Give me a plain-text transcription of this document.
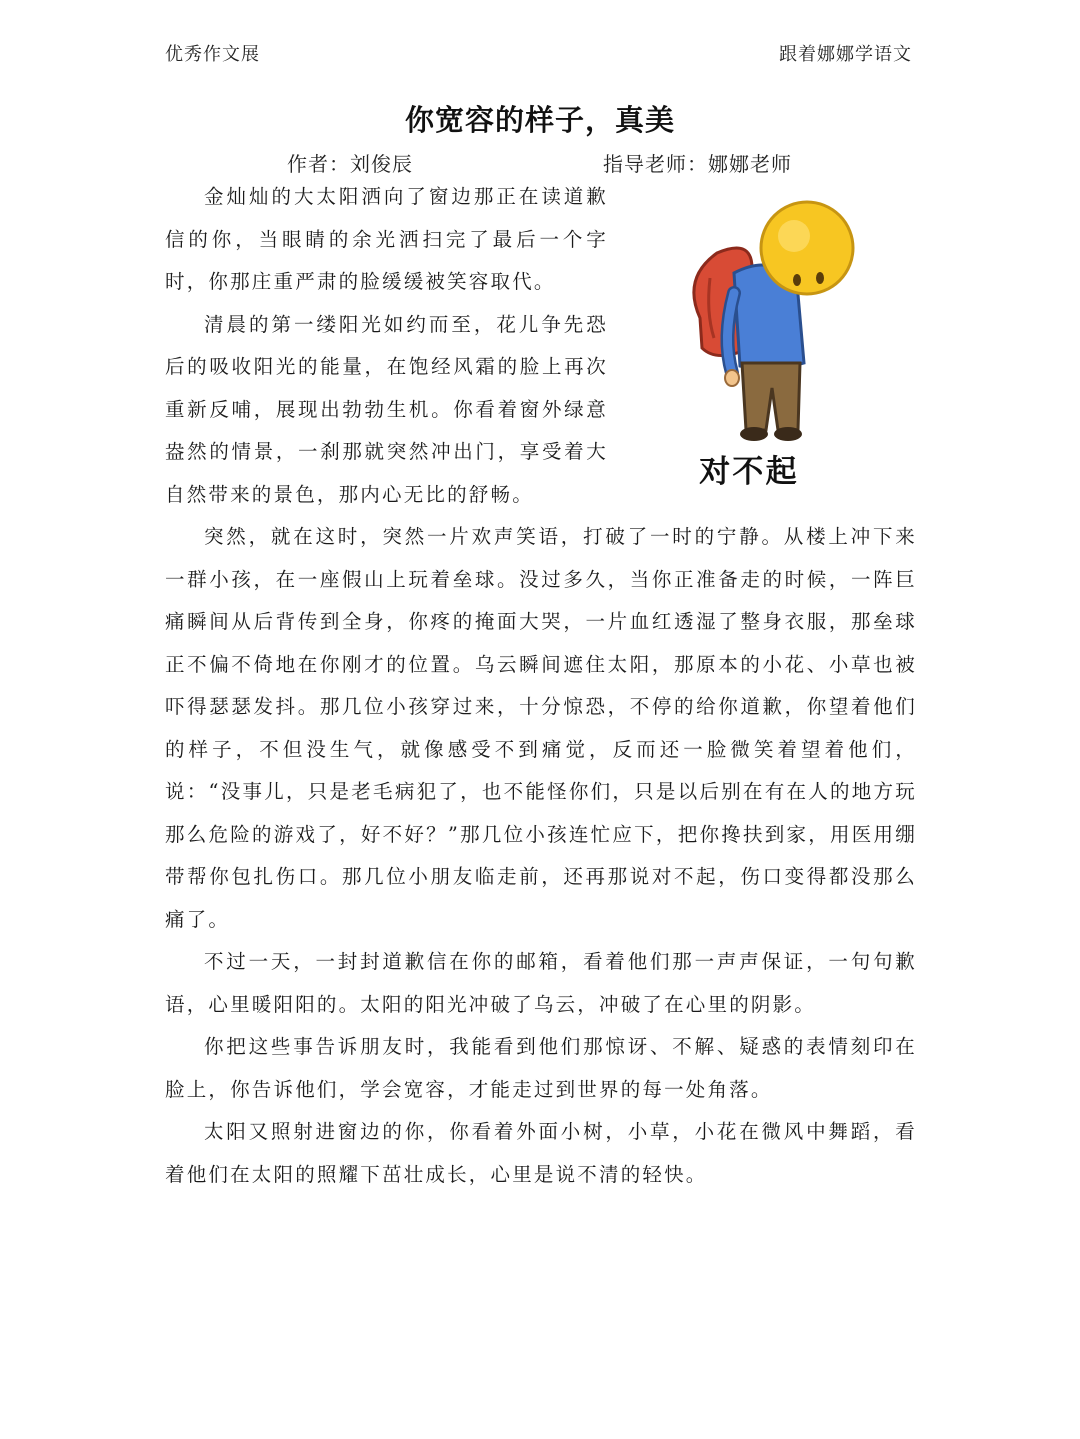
优秀作文展	跟着娜娜学语文
你宽容的样子，真美
作者：刘俊辰	指导老师：娜娜老师
对不起

金灿灿的大太阳洒向了窗边那正在读道歉信的你，当眼睛的余光洒扫完了最后一个字时，你那庄重严肃的脸缓缓被笑容取代。

清晨的第一缕阳光如约而至，花儿争先恐后的吸收阳光的能量，在饱经风霜的脸上再次重新反哺，展现出勃勃生机。你看着窗外绿意盎然的情景，一刹那就突然冲出门，享受着大自然带来的景色，那内心无比的舒畅。

突然，就在这时，突然一片欢声笑语，打破了一时的宁静。从楼上冲下来一群小孩，在一座假山上玩着垒球。没过多久，当你正准备走的时候，一阵巨痛瞬间从后背传到全身，你疼的掩面大哭，一片血红透湿了整身衣服，那垒球正不偏不倚地在你刚才的位置。乌云瞬间遮住太阳，那原本的小花、小草也被吓得瑟瑟发抖。那几位小孩穿过来，十分惊恐，不停的给你道歉，你望着他们的样子，不但没生气，就像感受不到痛觉，反而还一脸微笑着望着他们，说：“没事儿，只是老毛病犯了，也不能怪你们，只是以后别在有在人的地方玩那么危险的游戏了，好不好？”那几位小孩连忙应下，把你搀扶到家，用医用绷带帮你包扎伤口。那几位小朋友临走前，还再那说对不起，伤口变得都没那么痛了。

不过一天，一封封道歉信在你的邮箱，看着他们那一声声保证，一句句歉语，心里暖阳阳的。太阳的阳光冲破了乌云，冲破了在心里的阴影。

你把这些事告诉朋友时，我能看到他们那惊讶、不解、疑惑的表情刻印在脸上，你告诉他们，学会宽容，才能走过到世界的每一处角落。

太阳又照射进窗边的你，你看着外面小树，小草，小花在微风中舞蹈，看着他们在太阳的照耀下茁壮成长，心里是说不清的轻快。
